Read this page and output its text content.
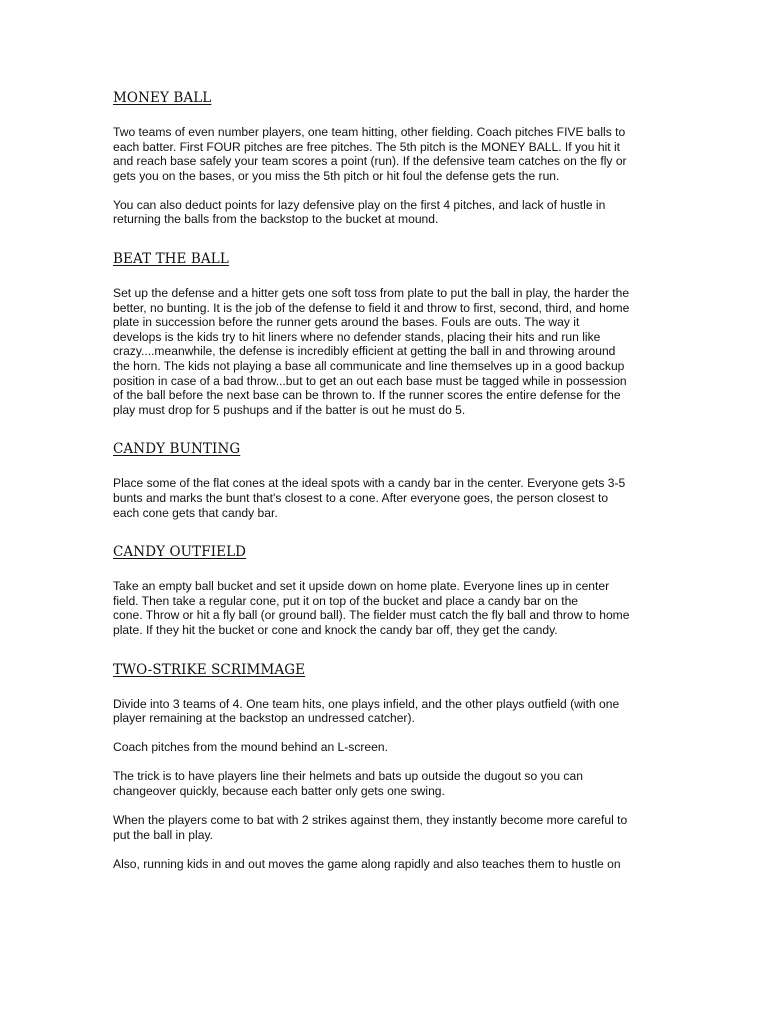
MONEY BALL

Two teams of even number players, one team hitting, other fielding. Coach pitches FIVE balls to
each batter. First FOUR pitches are free pitches. The 5th pitch is the MONEY BALL. If you hit it
and reach base safely your team scores a point (run). If the defensive team catches on the fly or
gets you on the bases, or you miss the 5th pitch or hit foul the defense gets the run.

You can also deduct points for lazy defensive play on the first 4 pitches, and lack of hustle in
returning the balls from the backstop to the bucket at mound.

BEAT THE BALL

Set up the defense and a hitter gets one soft toss from plate to put the ball in play, the harder the
better, no bunting. It is the job of the defense to field it and throw to first, second, third, and home
plate in succession before the runner gets around the bases. Fouls are outs. The way it
develops is the kids try to hit liners where no defender stands, placing their hits and run like
crazy....meanwhile, the defense is incredibly efficient at getting the ball in and throwing around
the horn. The kids not playing a base all communicate and line themselves up in a good backup
position in case of a bad throw...but to get an out each base must be tagged while in possession
of the ball before the next base can be thrown to. If the runner scores the entire defense for the
play must drop for 5 pushups and if the batter is out he must do 5.

CANDY BUNTING

Place some of the flat cones at the ideal spots with a candy bar in the center. Everyone gets 3-5
bunts and marks the bunt that's closest to a cone. After everyone goes, the person closest to
each cone gets that candy bar.

CANDY OUTFIELD

Take an empty ball bucket and set it upside down on home plate. Everyone lines up in center
field. Then take a regular cone, put it on top of the bucket and place a candy bar on the
cone. Throw or hit a fly ball (or ground ball). The fielder must catch the fly ball and throw to home
plate. If they hit the bucket or cone and knock the candy bar off, they get the candy.

TWO-STRIKE SCRIMMAGE

Divide into 3 teams of 4. One team hits, one plays infield, and the other plays outfield (with one
player remaining at the backstop an undressed catcher).

Coach pitches from the mound behind an L-screen.

The trick is to have players line their helmets and bats up outside the dugout so you can
changeover quickly, because each batter only gets one swing.

When the players come to bat with 2 strikes against them, they instantly become more careful to
put the ball in play.

Also, running kids in and out moves the game along rapidly and also teaches them to hustle on
